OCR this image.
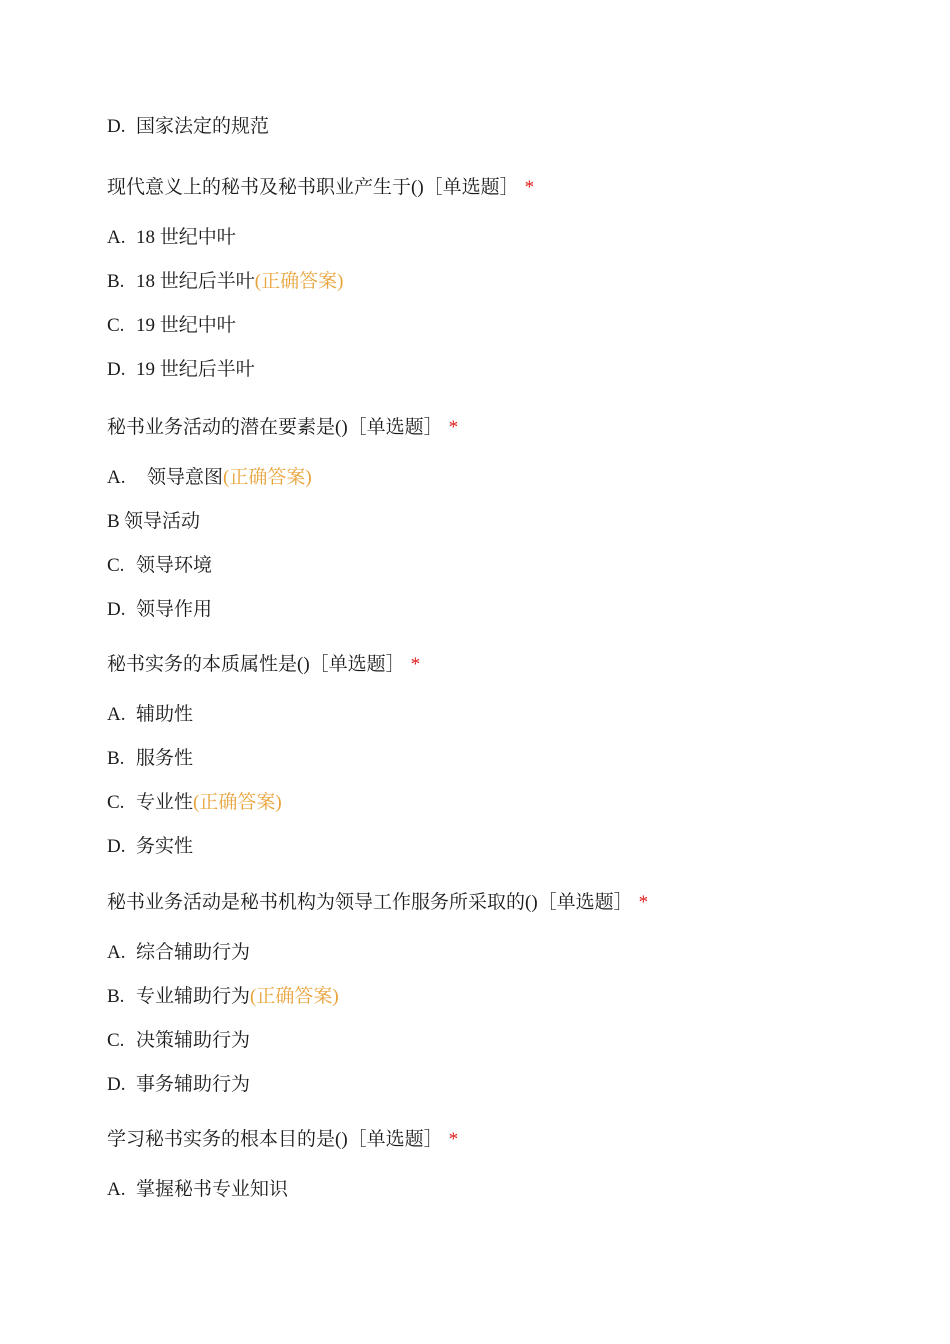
D. 国家法定的规范
现代意义上的秘书及秘书职业产生于()［单选题］ *
A. 18 世纪中叶
B. 18 世纪后半叶(正确答案)
C. 19 世纪中叶
D. 19 世纪后半叶
秘书业务活动的潜在要素是()［单选题］ *
A. 领导意图(正确答案)
B 领导活动
C. 领导环境
D. 领导作用
秘书实务的本质属性是()［单选题］ *
A. 辅助性
B. 服务性
C. 专业性(正确答案)
D. 务实性
秘书业务活动是秘书机构为领导工作服务所采取的()［单选题］ *
A. 综合辅助行为
B. 专业辅助行为(正确答案)
C. 决策辅助行为
D. 事务辅助行为
学习秘书实务的根本目的是()［单选题］ *
A. 掌握秘书专业知识
